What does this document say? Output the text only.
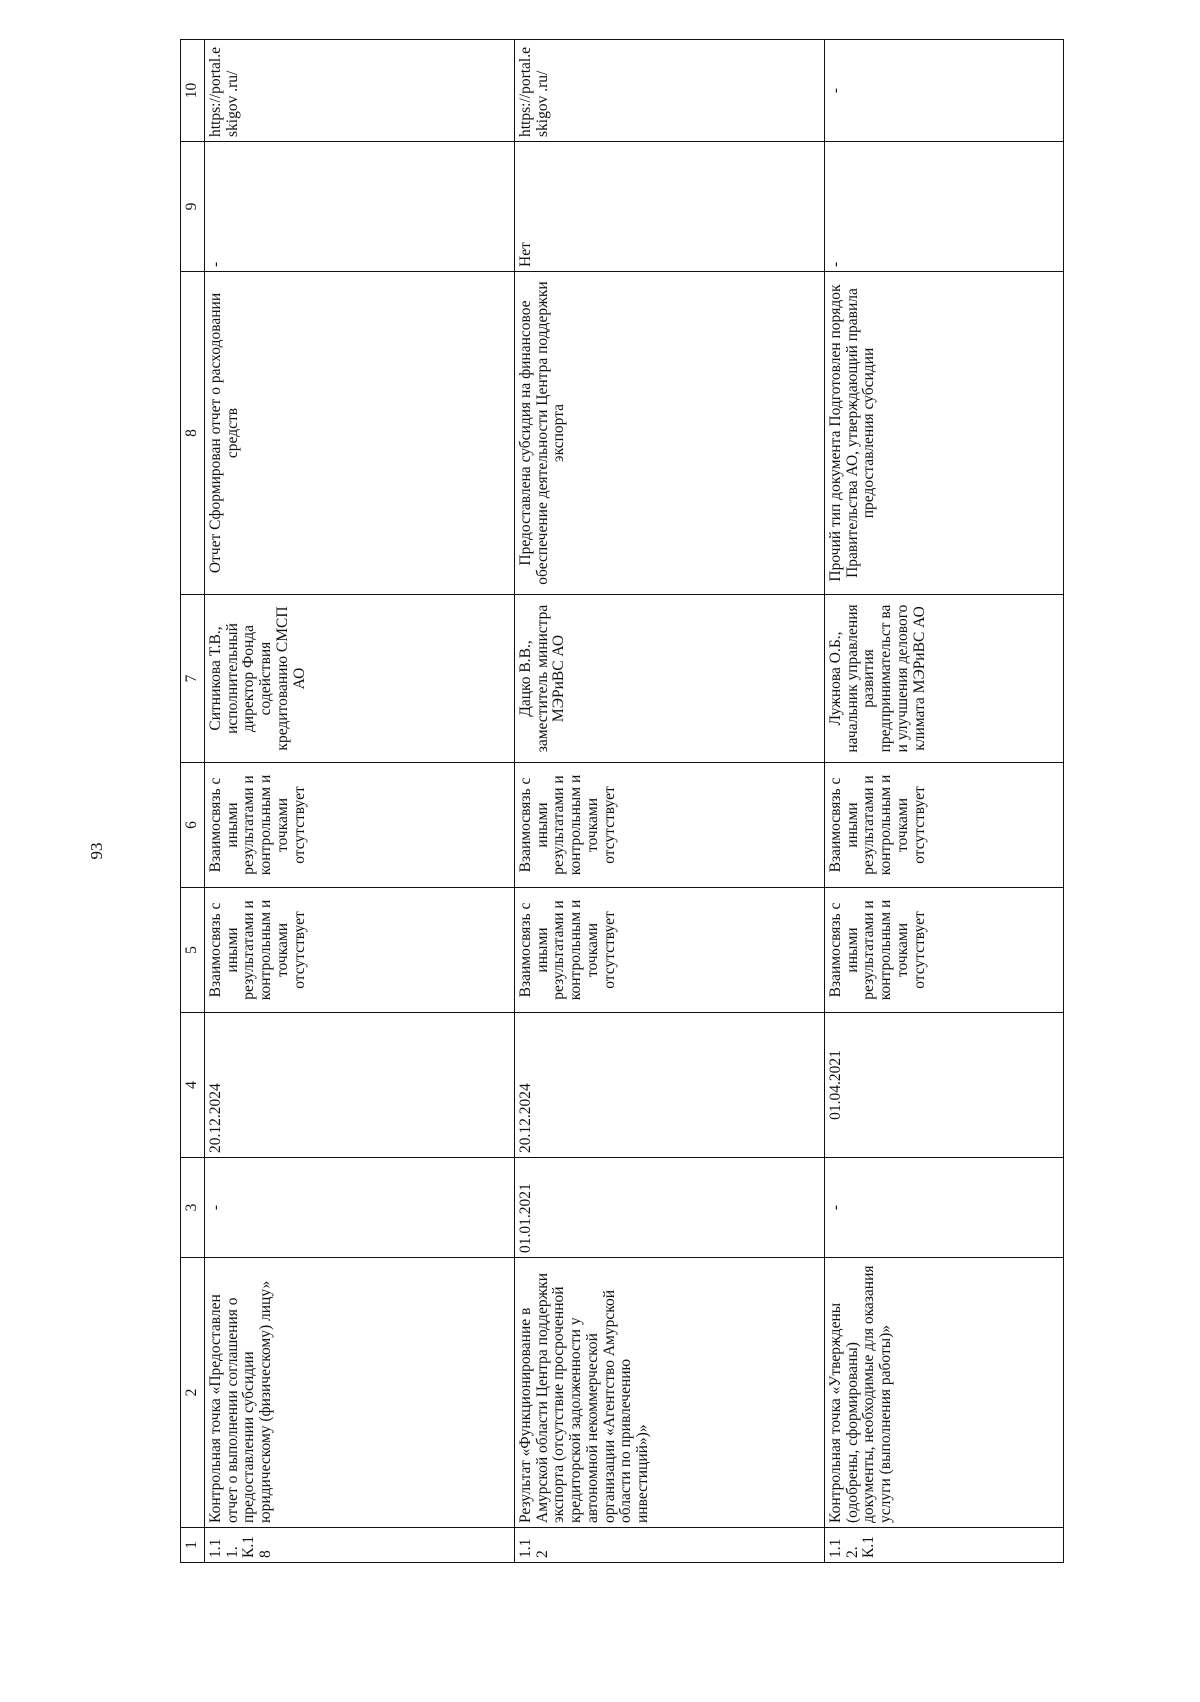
93
1	2	3	4	5	6	7	8	9	10
1.11. К.18	Контрольная точка «Предоставлен отчет о выполнении соглашения о предоставлении субсидии юридическому (физическому) лицу»	-	20.12.2024	Взаимосвязь с иными результатами и контрольным и точками отсутствует	Взаимосвязь с иными результатами и контрольным и точками отсутствует	Ситникова Т.В., исполнительный директор Фонда содействия кредитованию СМСП АО	Отчет Сформирован отчет о расходовании средств	-	https://portal.eskigov .ru/
1.12	Результат «Функционирование в Амурской области Центра поддержки экспорта (отсутствие просроченной кредиторской задолженности у автономной некоммерческой организации «Агентство Амурской области по привлечению инвестиций»)»	01.01.2021	20.12.2024	Взаимосвязь с иными результатами и контрольным и точками отсутствует	Взаимосвязь с иными результатами и контрольным и точками отсутствует	Дацко В.В., заместитель министра МЭРиВС АО	Предоставлена субсидия на финансовое обеспечение деятельности Центра поддержки экспорта	Нет	https://portal.eskigov .ru/
1.12. К.1	Контрольная точка «Утверждены (одобрены, сформированы) документы, необходимые для оказания услуги (выполнения работы)»	-	01.04.2021	Взаимосвязь с иными результатами и контрольным и точками отсутствует	Взаимосвязь с иными результатами и контрольным и точками отсутствует	Лужнова О.Б., начальник управления развития предпринимательст ва и улучшения делового климата МЭРиВС АО	Прочий тип документа Подготовлен порядок Правительства АО, утверждающий правила предоставления субсидии	-	-
